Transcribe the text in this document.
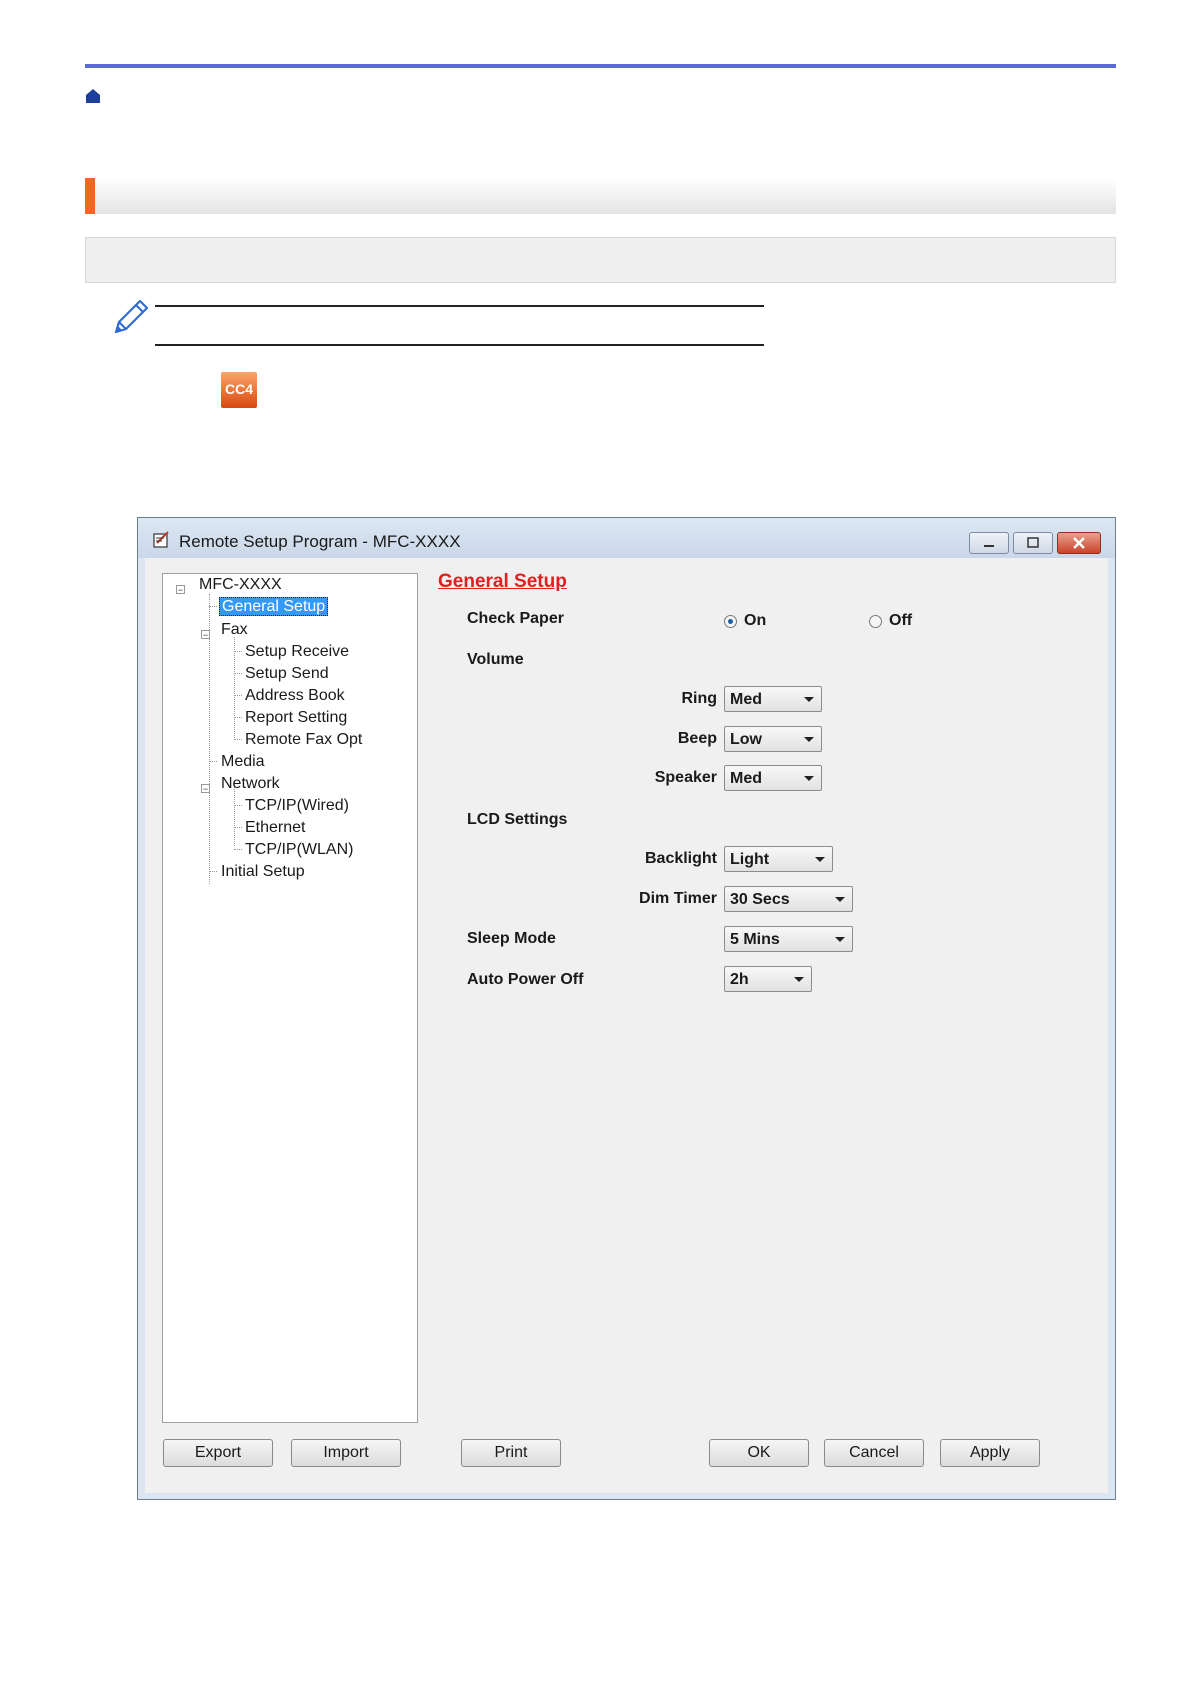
CC4
Remote Setup Program - MFC-XXXX
− MFC-XXXX
General Setup
− Fax
Setup Receive
Setup Send
Address Book
Report Setting
Remote Fax Opt
Media
− Network
TCP/IP(Wired)
Ethernet
TCP/IP(WLAN)
Initial Setup
General Setup
Check Paper	On	Off
Volume
Ring Med
Beep Low
Speaker Med
LCD Settings
Backlight Light
Dim Timer 30 Secs
Sleep Mode	5 Mins
Auto Power Off	2h
Export	Import	Print	OK	Cancel	Apply
